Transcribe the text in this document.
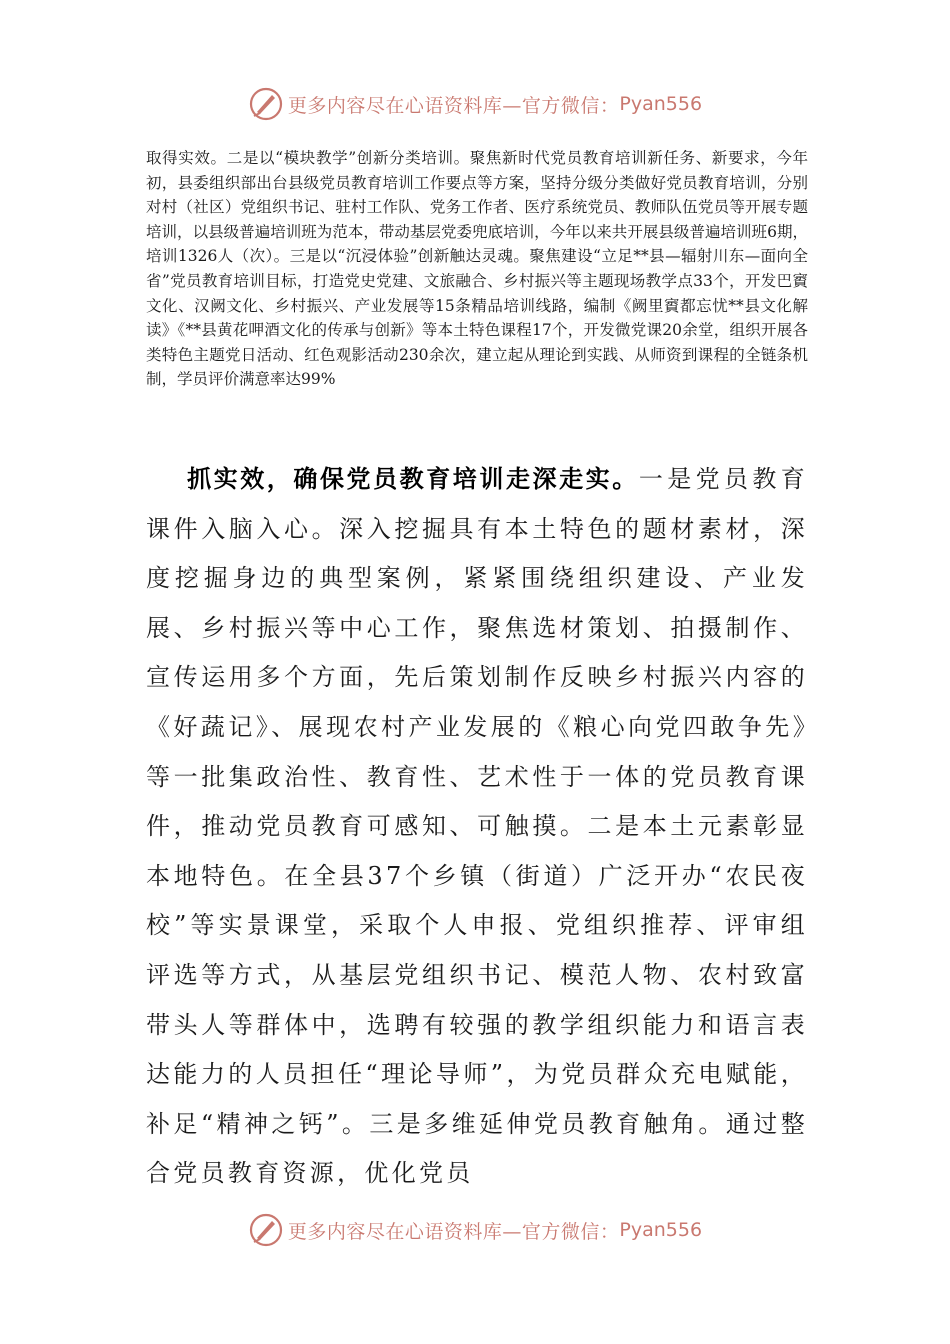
更多内容尽在心语资料库—官方微信： Pyan556
取得实效。二是以“模块教学”创新分类培训。聚焦新时代党员教育培训新任务、新要求，今年初，县委组织部出台县级党员教育培训工作要点等方案，坚持分级分类做好党员教育培训，分别对村（社区）党组织书记、驻村工作队、党务工作者、医疗系统党员、教师队伍党员等开展专题培训，以县级普遍培训班为范本，带动基层党委兜底培训，今年以来共开展县级普遍培训班6期，培训1326人（次）。三是以“沉浸体验”创新触达灵魂。聚焦建设“立足**县—辐射川东—面向全省”党员教育培训目标，打造党史党建、文旅融合、乡村振兴等主题现场教学点33个，开发巴賨文化、汉阙文化、乡村振兴、产业发展等15条精品培训线路，编制《阙里賨都忘忧**县文化解读》《**县黄花呷酒文化的传承与创新》等本土特色课程17个，开发微党课20余堂，组织开展各类特色主题党日活动、红色观影活动230余次，建立起从理论到实践、从师资到课程的全链条机制，学员评价满意率达99%
抓实效，确保党员教育培训走深走实。一是党员教育课件入脑入心。深入挖掘具有本土特色的题材素材，深度挖掘身边的典型案例，紧紧围绕组织建设、产业发展、乡村振兴等中心工作，聚焦选材策划、拍摄制作、宣传运用多个方面，先后策划制作反映乡村振兴内容的《好蔬记》、展现农村产业发展的《粮心向党四敢争先》等一批集政治性、教育性、艺术性于一体的党员教育课件，推动党员教育可感知、可触摸。二是本土元素彰显本地特色。在全县37个乡镇（街道）广泛开办“农民夜校”等实景课堂，采取个人申报、党组织推荐、评审组评选等方式，从基层党组织书记、模范人物、农村致富带头人等群体中，选聘有较强的教学组织能力和语言表达能力的人员担任“理论导师”，为党员群众充电赋能，补足“精神之钙”。三是多维延伸党员教育触角。通过整合党员教育资源，优化党员
更多内容尽在心语资料库—官方微信： Pyan556
